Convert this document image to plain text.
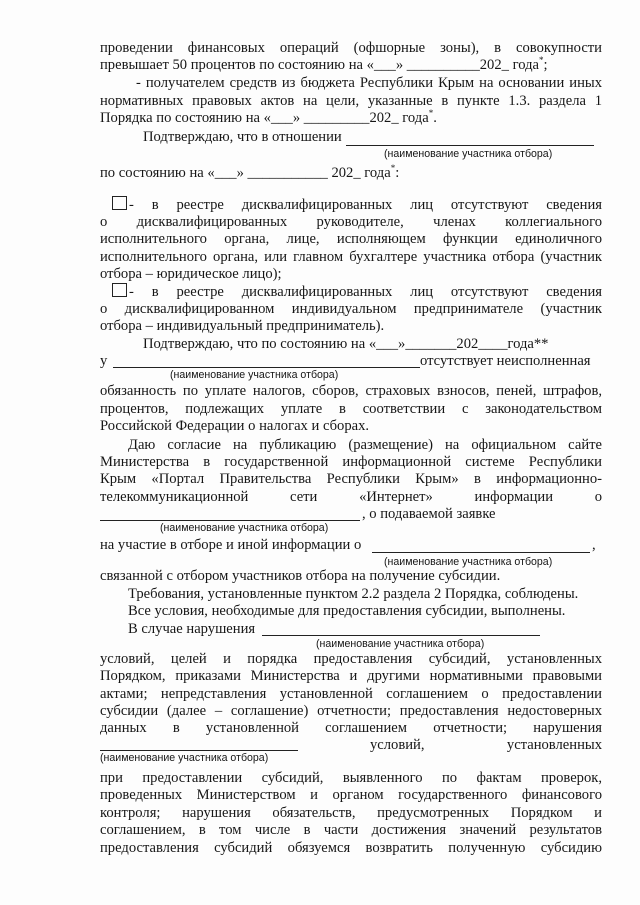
проведении финансовых операций (офшорные зоны), в совокупности
превышает 50 процентов по состоянию на «___» __________202_ года*;
- получателем средств из бюджета Республики Крым на основании иных
нормативных правовых актов на цели, указанные в пункте 1.3. раздела 1
Порядка по состоянию на «___» _________202_ года*.
Подтверждаю, что в отношении
(наименование участника отбора)
по состоянию на «___» ___________ 202_ года*:
- в реестре дисквалифицированных лиц отсутствуют сведения
о дисквалифицированных руководителе, членах коллегиального
исполнительного органа, лице, исполняющем функции единоличного
исполнительного органа, или главном бухгалтере участника отбора (участник
отбора – юридическое лицо);
- в реестре дисквалифицированных лиц отсутствуют сведения
о дисквалифицированном индивидуальном предпринимателе (участник
отбора – индивидуальный предприниматель).
Подтверждаю, что по состоянию на «___»_______202____года**
у	отсутствует неисполненная
(наименование участника отбора)
обязанность по уплате налогов, сборов, страховых взносов, пеней, штрафов,
процентов, подлежащих уплате в соответствии с законодательством
Российской Федерации о налогах и сборах.
Даю согласие на публикацию (размещение) на официальном сайте
Министерства в государственной информационной системе Республики
Крым «Портал Правительства Республики Крым» в информационно-
телекоммуникационной сети «Интернет» информации о
, о подаваемой заявке
(наименование участника отбора)
на участие в отборе и иной информации о	,
(наименование участника отбора)
связанной с отбором участников отбора на получение субсидии.
Требования, установленные пунктом 2.2 раздела 2 Порядка, соблюдены.
Все условия, необходимые для предоставления субсидии, выполнены.
В случае нарушения
(наименование участника отбора)
условий, целей и порядка предоставления субсидий, установленных
Порядком, приказами Министерства и другими нормативными правовыми
актами; непредставления установленной соглашением о предоставлении
субсидии (далее – соглашение) отчетности; предоставления недостоверных
данных в установленной соглашением отчетности; нарушения
условий, установленных
(наименование участника отбора)
при предоставлении субсидий, выявленного по фактам проверок,
проведенных Министерством и органом государственного финансового
контроля; нарушения обязательств, предусмотренных Порядком и
соглашением, в том числе в части достижения значений результатов
предоставления субсидий обязуемся возвратить полученную субсидию
